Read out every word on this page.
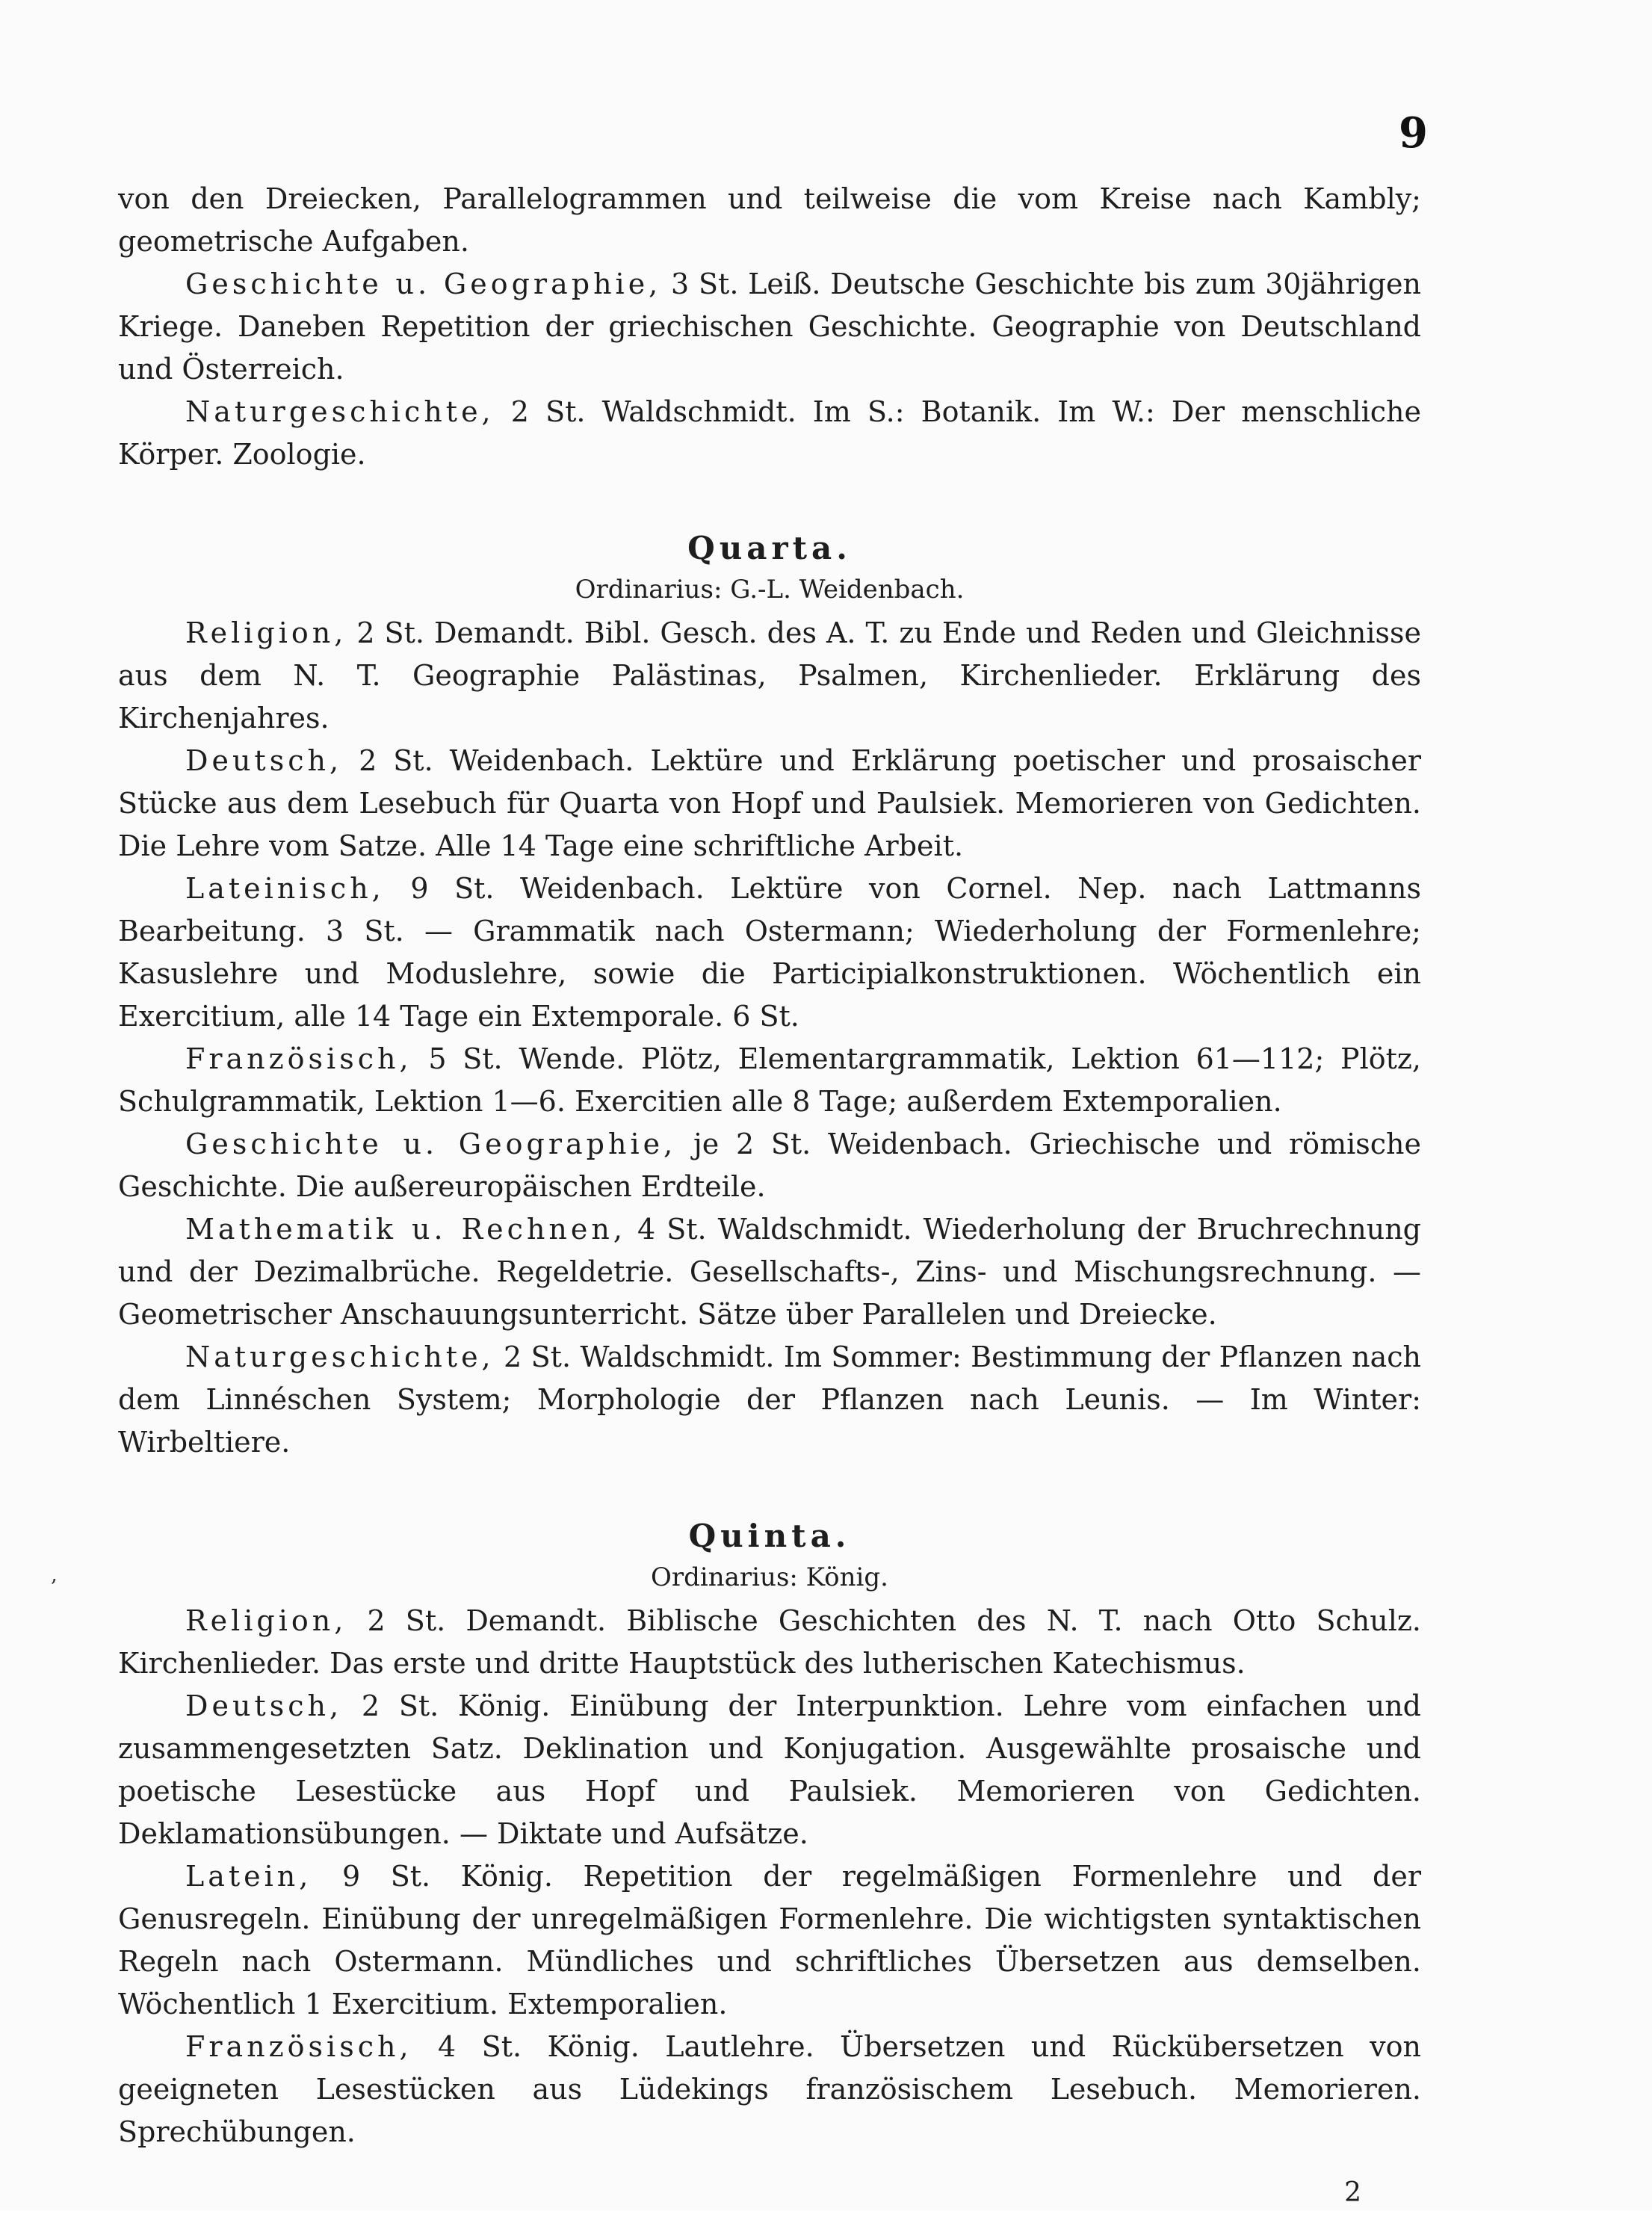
9
,

von den Dreiecken, Parallelogrammen und teilweise die vom Kreise nach Kambly; geometrische Aufgaben.

Geschichte u. Geographie, 3 St. Leiß. Deutsche Geschichte bis zum 30jährigen Kriege. Daneben Repetition der griechischen Geschichte. Geographie von Deutschland und Österreich.

Naturgeschichte, 2 St. Waldschmidt. Im S.: Botanik. Im W.: Der menschliche Körper. Zoologie.

Quarta.
Ordinarius: G.-L. Weidenbach.

Religion, 2 St. Demandt. Bibl. Gesch. des A. T. zu Ende und Reden und Gleichnisse aus dem N. T. Geographie Palästinas, Psalmen, Kirchenlieder. Erklärung des Kirchenjahres.

Deutsch, 2 St. Weidenbach. Lektüre und Erklärung poetischer und prosaischer Stücke aus dem Lesebuch für Quarta von Hopf und Paulsiek. Memorieren von Gedichten. Die Lehre vom Satze. Alle 14 Tage eine schriftliche Arbeit.

Lateinisch, 9 St. Weidenbach. Lektüre von Cornel. Nep. nach Lattmanns Bearbeitung. 3 St. — Grammatik nach Ostermann; Wiederholung der Formenlehre; Kasuslehre und Moduslehre, sowie die Participialkonstruktionen. Wöchentlich ein Exercitium, alle 14 Tage ein Extemporale. 6 St.

Französisch, 5 St. Wende. Plötz, Elementargrammatik, Lektion 61—112; Plötz, Schulgrammatik, Lektion 1—6. Exercitien alle 8 Tage; außerdem Extemporalien.

Geschichte u. Geographie, je 2 St. Weidenbach. Griechische und römische Geschichte. Die außereuropäischen Erdteile.

Mathematik u. Rechnen, 4 St. Waldschmidt. Wiederholung der Bruchrechnung und der Dezimalbrüche. Regeldetrie. Gesellschafts-, Zins- und Mischungsrechnung. — Geometrischer Anschauungsunterricht. Sätze über Parallelen und Dreiecke.

Naturgeschichte, 2 St. Waldschmidt. Im Sommer: Bestimmung der Pflanzen nach dem Linnéschen System; Morphologie der Pflanzen nach Leunis. — Im Winter: Wirbeltiere.

Quinta.
Ordinarius: König.

Religion, 2 St. Demandt. Biblische Geschichten des N. T. nach Otto Schulz. Kirchenlieder. Das erste und dritte Hauptstück des lutherischen Katechismus.

Deutsch, 2 St. König. Einübung der Interpunktion. Lehre vom einfachen und zusammengesetzten Satz. Deklination und Konjugation. Ausgewählte prosaische und poetische Lesestücke aus Hopf und Paulsiek. Memorieren von Gedichten. Deklamationsübungen. — Diktate und Aufsätze.

Latein, 9 St. König. Repetition der regelmäßigen Formenlehre und der Genusregeln. Einübung der unregelmäßigen Formenlehre. Die wichtigsten syntaktischen Regeln nach Ostermann. Mündliches und schriftliches Übersetzen aus demselben. Wöchentlich 1 Exercitium. Extemporalien.

Französisch, 4 St. König. Lautlehre. Übersetzen und Rückübersetzen von geeigneten Lesestücken aus Lüdekings französischem Lesebuch. Memorieren. Sprechübungen.

2
